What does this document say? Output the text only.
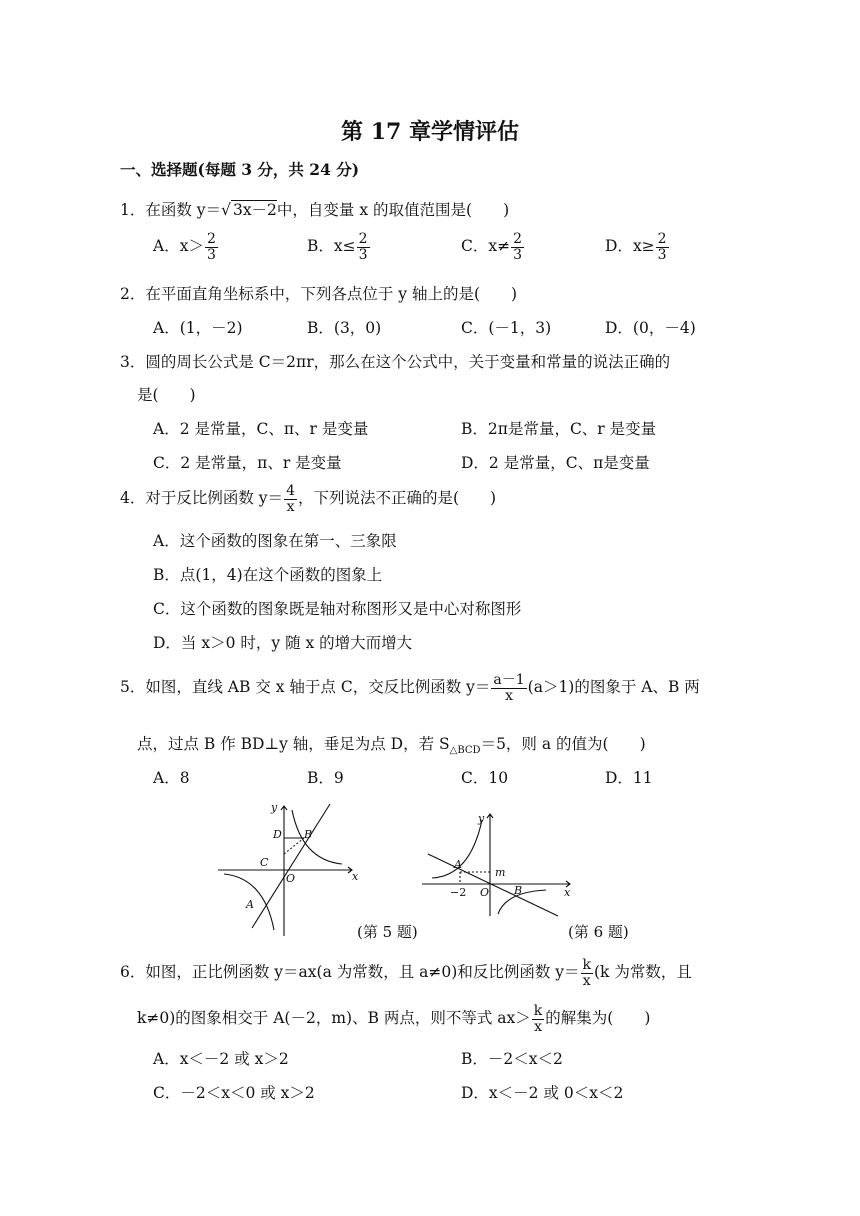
第 17 章学情评估
一、选择题(每题 3 分，共 24 分)
1．在函数 y＝√ 3x－2中，自变量 x 的取值范围是(　　)
A．$x> \frac{2}{3}$	B．$x\le \frac{2}{3}$	C．$x\ne \frac{2}{3}$	D．$x\ge \frac{2}{3}$
2．在平面直角坐标系中，下列各点位于 y 轴上的是(　　)
A．(1，－2)	B．(3，0)	C．(－1，3)	D．(0，－4)
3．圆的周长公式是 C＝2πr，那么在这个公式中，关于变量和常量的说法正确的
是(　　)
A．2 是常量，C、π、r 是变量	B．2π是常量，C、r 是变量
C．2 是常量，π、r 是变量	D．2 是常量，C、π是变量
4．对于反比例函数 $y= \frac{4}{x}$ ，下列说法不正确的是(　　)
A．这个函数的图象在第一、三象限
B．点(1，4)在这个函数的图象上
C．这个函数的图象既是轴对称图形又是中心对称图形
D．当 x＞0 时，y 随 x 的增大而增大
5．如图，直线 AB 交 x 轴于点 C，交反比例函数 $y= \frac{a-1}{x} (a>1)$的图象于 A、B 两
点，过点 B 作 BD⊥y 轴，垂足为点 D，若 $S_{\triangle BCD}=5$，则 a 的值为(　　)
A．8	B．9	C．10	D．11
y
x
O
D B
C
A
(第 5 题)
y
x
O
A
m
−2	B
(第 6 题)
6．如图，正比例函数 y＝ax(a 为常数，且 a≠0)和反比例函数 $y= \frac{k}{x} (k$ 为常数，且
k≠0)的图象相交于 A(－2，m)、B 两点，则不等式 $ax> \frac{k}{x}$ 的解集为(　　)
A．x＜－2 或 x＞2	B．－2＜x＜2
C．－2＜x＜0 或 x＞2	D．x＜－2 或 0＜x＜2
